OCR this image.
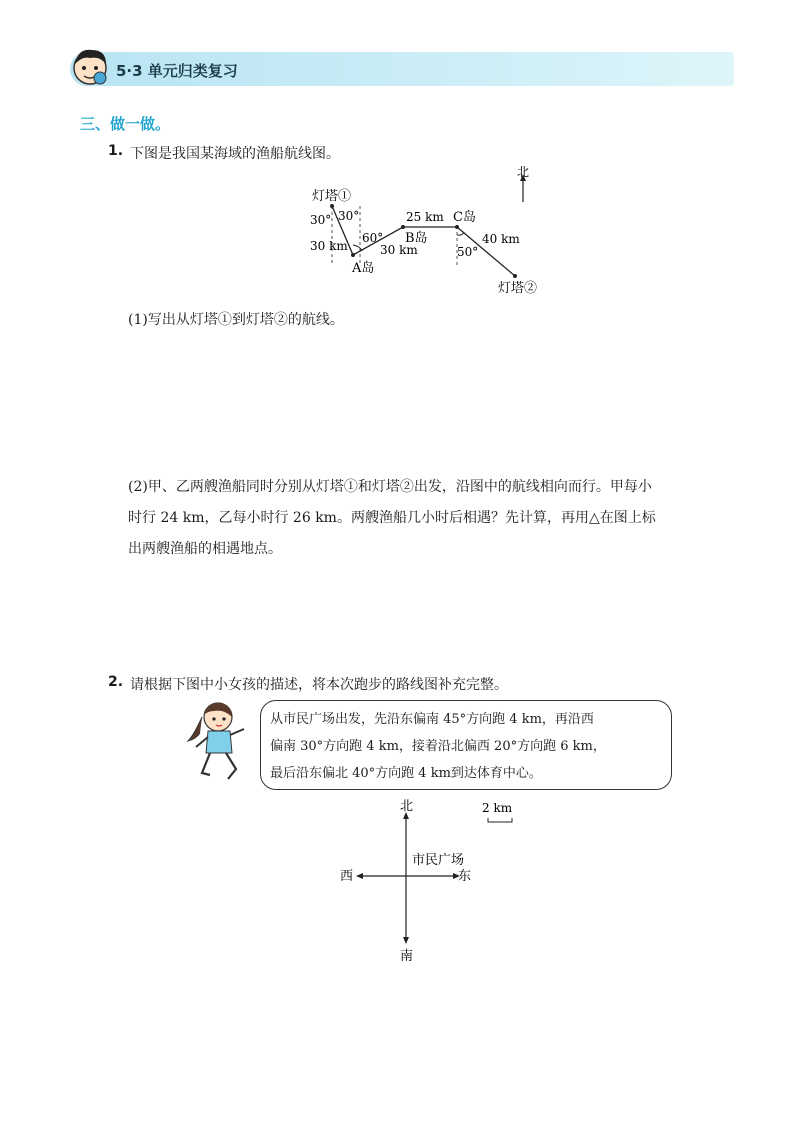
5·3 单元归类复习
三、做一做。
1. 下图是我国某海域的渔船航线图。
北
灯塔①
30° 30°
30 km
60°
A岛
30 km
B岛
25 km C岛
40 km
50°
灯塔②
(1)写出从灯塔①到灯塔②的航线。
(2)甲、乙两艘渔船同时分别从灯塔①和灯塔②出发，沿图中的航线相向而行。甲每小
时行 24 km，乙每小时行 26 km。两艘渔船几小时后相遇？先计算，再用△在图上标
出两艘渔船的相遇地点。
2. 请根据下图中小女孩的描述，将本次跑步的路线图补充完整。
从市民广场出发，先沿东偏南 45°方向跑 4 km，再沿西
偏南 30°方向跑 4 km，接着沿北偏西 20°方向跑 6 km，
最后沿东偏北 40°方向跑 4 km到达体育中心。
北
南
东
西
市民广场
2 km
